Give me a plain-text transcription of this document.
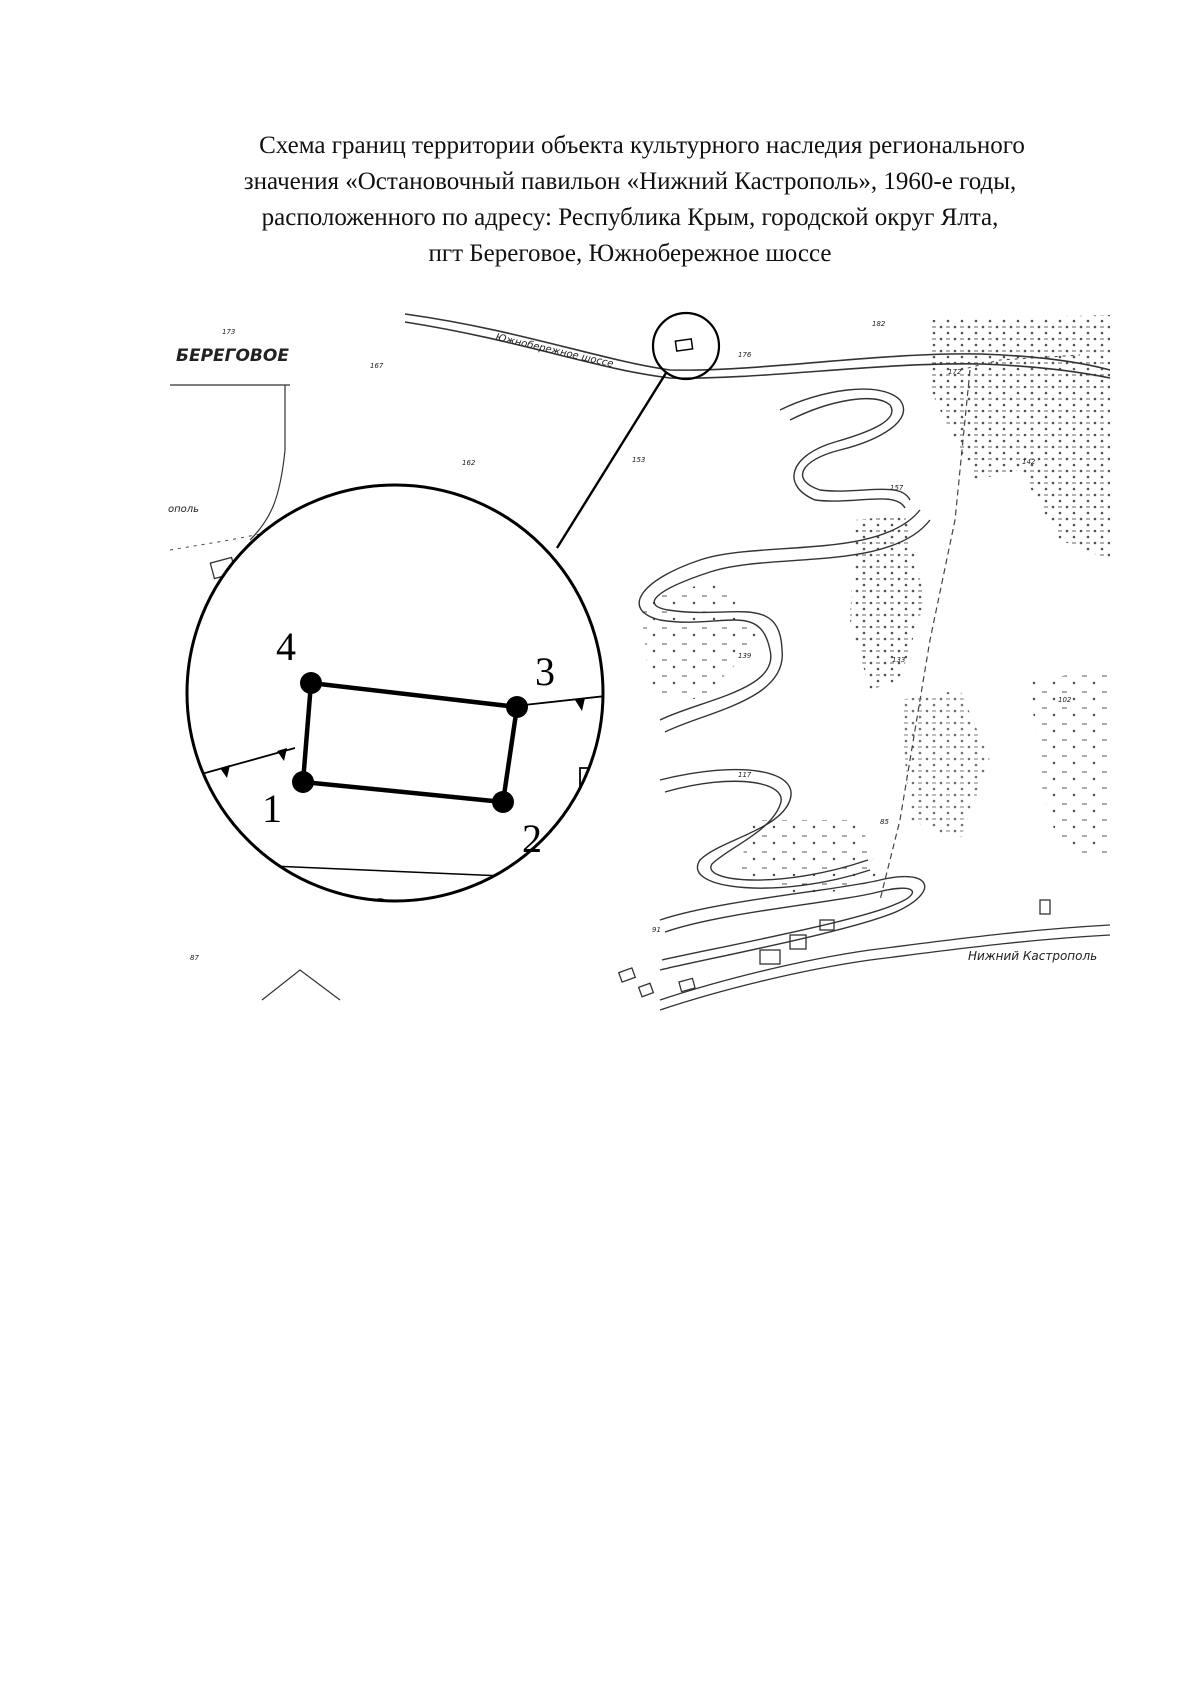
Схема границ территории объекта культурного наследия регионального
значения «Остановочный павильон «Нижний Кастрополь», 1960-е годы,
расположенного по адресу: Республика Крым, городской округ Ялта,
пгт Береговое, Южнобережное шоссе
БЕРЕГОВОЕ
ополь
Южнобережное шоссе
Нижний Кастрополь
173
167
162	153
176
182
172
142
157
139	133
102
117
85
91
87
1
2
3
4
